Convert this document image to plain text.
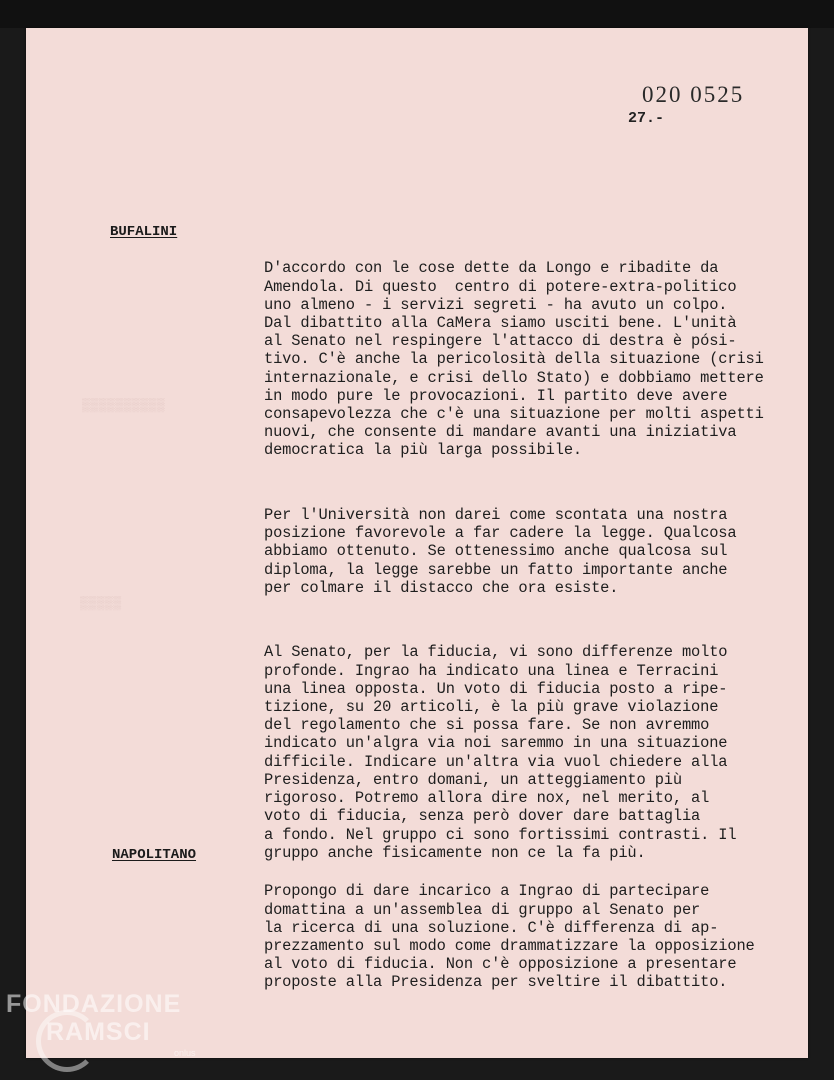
▒▒▒▒▒▒▒▒▒▒
▒▒▒▒▒
020 0525
27.-
BUFALINI

D'accordo con le cose dette da Longo e ribadite da
Amendola. Di questo  centro di potere-extra-politico
uno almeno - i servizi segreti - ha avuto un colpo.
Dal dibattito alla CaMera siamo usciti bene. L'unità
al Senato nel respingere l'attacco di destra è pósi-
tivo. C'è anche la pericolosità della situazione (crisi
internazionale, e crisi dello Stato) e dobbiamo mettere
in modo pure le provocazioni. Il partito deve avere
consapevolezza che c'è una situazione per molti aspetti
nuovi, che consente di mandare avanti una iniziativa
democratica la più larga possibile.

Per l'Università non darei come scontata una nostra
posizione favorevole a far cadere la legge. Qualcosa
abbiamo ottenuto. Se ottenessimo anche qualcosa sul
diploma, la legge sarebbe un fatto importante anche
per colmare il distacco che ora esiste.

Al Senato, per la fiducia, vi sono differenze molto
profonde. Ingrao ha indicato una linea e Terracini
una linea opposta. Un voto di fiducia posto a ripe-
tizione, su 20 articoli, è la più grave violazione
del regolamento che si possa fare. Se non avremmo
indicato un'algra via noi saremmo in una situazione
difficile. Indicare un'altra via vuol chiedere alla
Presidenza, entro domani, un atteggiamento più
rigoroso. Potremo allora dire nox, nel merito, al
voto di fiducia, senza però dover dare battaglia
a fondo. Nel gruppo ci sono fortissimi contrasti. Il
gruppo anche fisicamente non ce la fa più.

NAPOLITANO

Propongo di dare incarico a Ingrao di partecipare
domattina a un'assemblea di gruppo al Senato per
la ricerca di una soluzione. C'è differenza di ap-
prezzamento sul modo come drammatizzare la opposizione
al voto di fiducia. Non c'è opposizione a presentare
proposte alla Presidenza per sveltire il dibattito.

FONDAZIONE
RAMSCI
onlus
